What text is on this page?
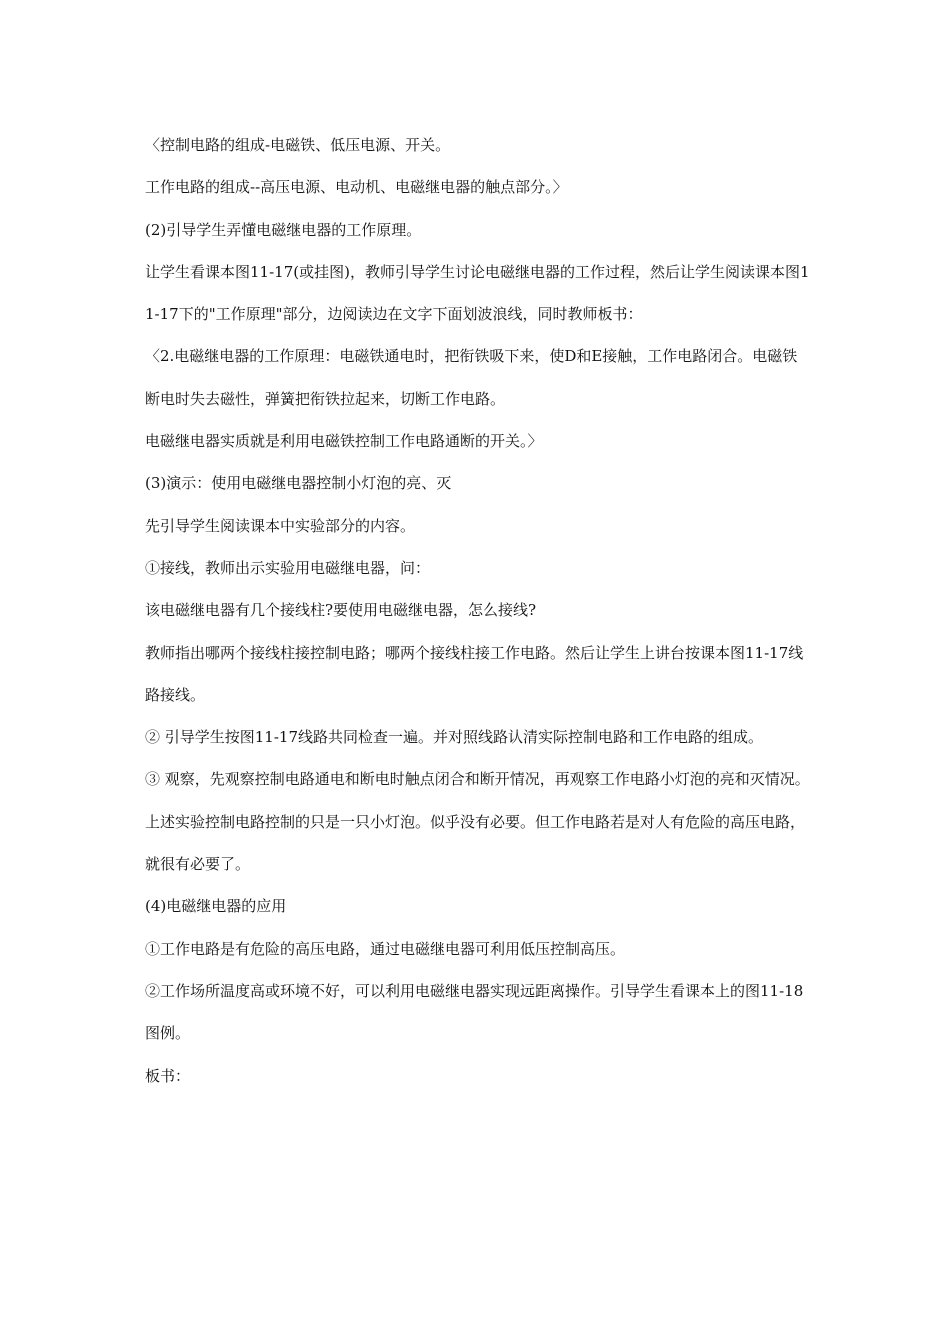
〈控制电路的组成-电磁铁、低压电源、开关。

工作电路的组成--高压电源、电动机、电磁继电器的触点部分。〉

(2)引导学生弄懂电磁继电器的工作原理。

让学生看课本图11-17(或挂图)，教师引导学生讨论电磁继电器的工作过程，然后让学生阅读课本图11-17下的"工作原理"部分，边阅读边在文字下面划波浪线，同时教师板书：

〈2.电磁继电器的工作原理：电磁铁通电时，把衔铁吸下来，使D和E接触，工作电路闭合。电磁铁断电时失去磁性，弹簧把衔铁拉起来，切断工作电路。

电磁继电器实质就是利用电磁铁控制工作电路通断的开关。〉

(3)演示：使用电磁继电器控制小灯泡的亮、灭

先引导学生阅读课本中实验部分的内容。

①接线，教师出示实验用电磁继电器，问：

该电磁继电器有几个接线柱?要使用电磁继电器，怎么接线?

教师指出哪两个接线柱接控制电路；哪两个接线柱接工作电路。然后让学生上讲台按课本图11-17线路接线。

② 引导学生按图11-17线路共同检查一遍。并对照线路认清实际控制电路和工作电路的组成。

③ 观察，先观察控制电路通电和断电时触点闭合和断开情况，再观察工作电路小灯泡的亮和灭情况。

上述实验控制电路控制的只是一只小灯泡。似乎没有必要。但工作电路若是对人有危险的高压电路，就很有必要了。

(4)电磁继电器的应用

①工作电路是有危险的高压电路，通过电磁继电器可利用低压控制高压。

②工作场所温度高或环境不好，可以利用电磁继电器实现远距离操作。引导学生看课本上的图11-18图例。

板书：
